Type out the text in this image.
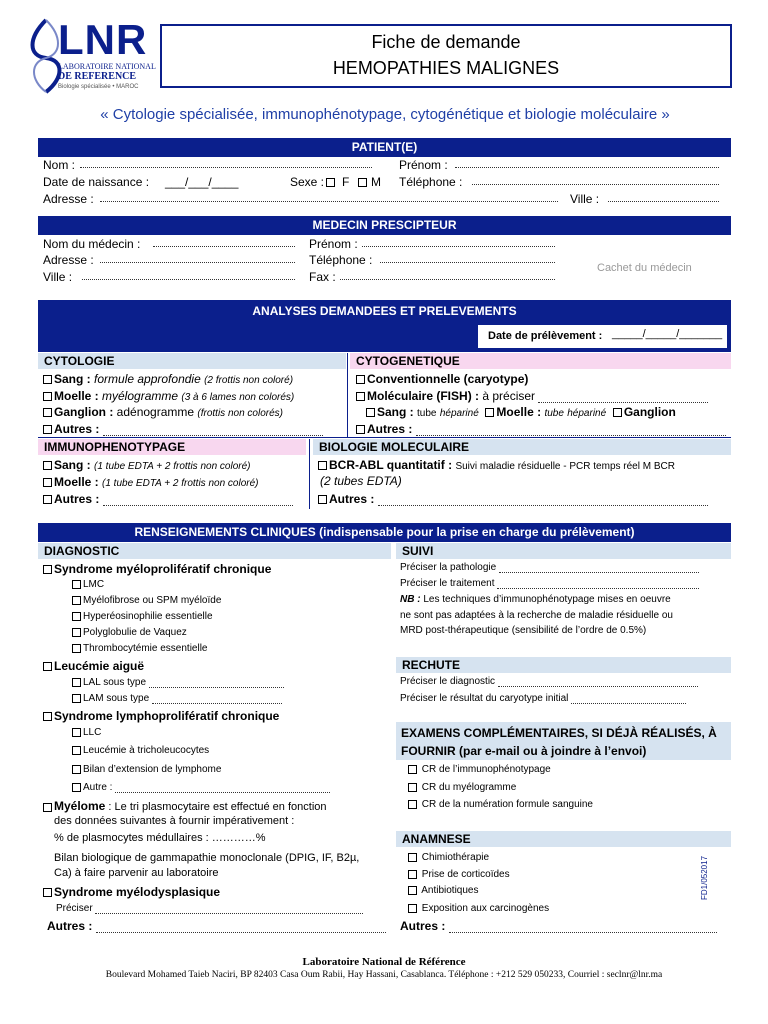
LNR
LABORATOIRE NATIONAL
DE REFERENCE
Biologie spécialisée • MAROC
Fiche de demande
HEMOPATHIES MALIGNES
« Cytologie spécialisée, immunophénotypage, cytogénétique et biologie moléculaire »
PATIENT(E)
Nom :	Prénom :
Date de naissance : ___/___/____	Sexe : F M Téléphone :
Adresse :	Ville :
MEDECIN PRESCIPTEUR
Nom du médecin :	Prénom :
Adresse :	Téléphone :
Ville :	Fax :
Cachet du médecin
ANALYSES DEMANDEES ET PRELEVEMENTS
Date de prélèvement : _____/_____/_______
CYTOLOGIE	CYTOGENETIQUE
Sang : formule approfondie (2 frottis non coloré)
Moelle : myélogramme (3 à 6 lames non colorés)
Ganglion : adénogramme (frottis non colorés)
Autres :
Conventionnelle (caryotype)
Moléculaire (FISH) : à préciser
Sang : tube hépariné Moelle : tube hépariné Ganglion
Autres :
IMMUNOPHENOTYPAGE	BIOLOGIE MOLECULAIRE
Sang : (1 tube EDTA + 2 frottis non coloré)
Moelle : (1 tube EDTA + 2 frottis non coloré)
Autres :
BCR-ABL quantitatif : Suivi maladie résiduelle - PCR temps réel M BCR
(2 tubes EDTA)
Autres :
RENSEIGNEMENTS CLINIQUES (indispensable pour la prise en charge du prélèvement)
DIAGNOSTIC	SUIVI
Syndrome myéloprolifératif chronique
LMC
Myélofibrose ou SPM myéloïde
Hyperéosinophilie essentielle
Polyglobulie de Vaquez
Thrombocytémie essentielle
Leucémie aiguë
LAL sous type
LAM sous type
Syndrome lymphoprolifératif chronique
LLC
Leucémie à tricholeucocytes
Bilan d’extension de lymphome
Autre :
Myélome : Le tri plasmocytaire est effectué en fonction
des données suivantes à fournir impérativement :
% de plasmocytes médullaires : …………%
Bilan biologique de gammapathie monoclonale (DPIG, IF, B2µ,
Ca) à faire parvenir au laboratoire
Syndrome myélodysplasique
Préciser
Autres :
Préciser la pathologie
Préciser le traitement
NB : Les techniques d’immunophénotypage mises en oeuvre
ne sont pas adaptées à la recherche de maladie résiduelle ou
MRD post-thérapeutique (sensibilité de l’ordre de 0.5%)
RECHUTE
Préciser le diagnostic
Préciser le résultat du caryotype initial
EXAMENS COMPLÉMENTAIRES, SI DÉJÀ RÉALISÉS, À
FOURNIR (par e-mail ou à joindre à l’envoi)
CR de l’immunophénotypage
CR du myélogramme
CR de la numération formule sanguine
ANAMNESE
Chimiothérapie
Prise de corticoïdes
Antibiotiques
Exposition aux carcinogènes
Autres :
FD1/052017
Laboratoire National de Référence
Boulevard Mohamed Taieb Naciri, BP 82403 Casa Oum Rabii, Hay Hassani, Casablanca. Téléphone : +212 529 050233, Courriel : seclnr@lnr.ma
